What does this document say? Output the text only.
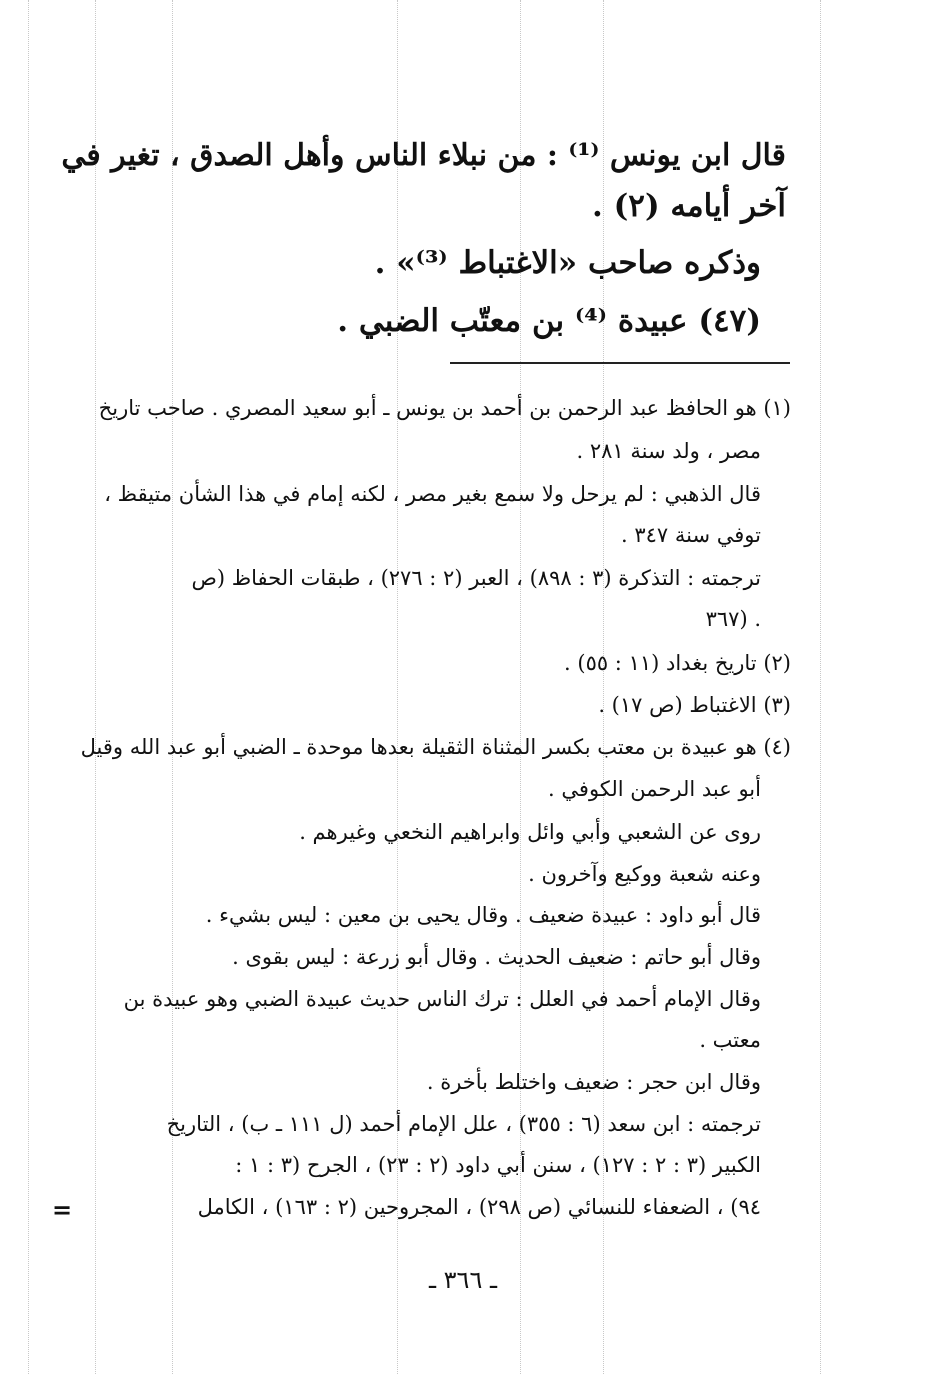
قال ابن يونس ⁽¹⁾ : من نبلاء الناس وأهل الصدق ، تغير في
آخر أيامه (٢) .
وذكره صاحب «الاغتباط ⁽³⁾» .
(٤٧) عبيدة ⁽⁴⁾ بن معتّب الضبي .
(١) هو الحافظ عبد الرحمن بن أحمد بن يونس ـ أبو سعيد المصري . صاحب تاريخ
مصر ، ولد سنة ٢٨١ .
قال الذهبي : لم يرحل ولا سمع بغير مصر ، لكنه إمام في هذا الشأن متيقظ ،
توفي سنة ٣٤٧ .
ترجمته : التذكرة (٣ : ٨٩٨) ، العبر (٢ : ٢٧٦) ، طبقات الحفاظ (ص
٣٦٧) .
(٢) تاريخ بغداد (١١ : ٥٥) .
(٣) الاغتباط (ص ١٧) .
(٤) هو عبيدة بن معتب بكسر المثناة الثقيلة بعدها موحدة ـ الضبي أبو عبد الله وقيل
أبو عبد الرحمن الكوفي .
روى عن الشعبي وأبي وائل وابراهيم النخعي وغيرهم .
وعنه شعبة ووكيع وآخرون .
قال أبو داود : عبيدة ضعيف . وقال يحيى بن معين : ليس بشيء .
وقال أبو حاتم : ضعيف الحديث . وقال أبو زرعة : ليس بقوى .
وقال الإمام أحمد في العلل : ترك الناس حديث عبيدة الضبي وهو عبيدة بن
معتب .
وقال ابن حجر : ضعيف واختلط بأخرة .
ترجمته : ابن سعد (٦ : ٣٥٥) ، علل الإمام أحمد (ل ١١١ ـ ب) ، التاريخ
الكبير (٣ : ٢ : ١٢٧) ، سنن أبي داود (٢ : ٢٣) ، الجرح (٣ : ١ :
٩٤) ، الضعفاء للنسائي (ص ٢٩٨) ، المجروحين (٢ : ١٦٣) ، الكامل
=
ـ ٣٦٦ ـ
